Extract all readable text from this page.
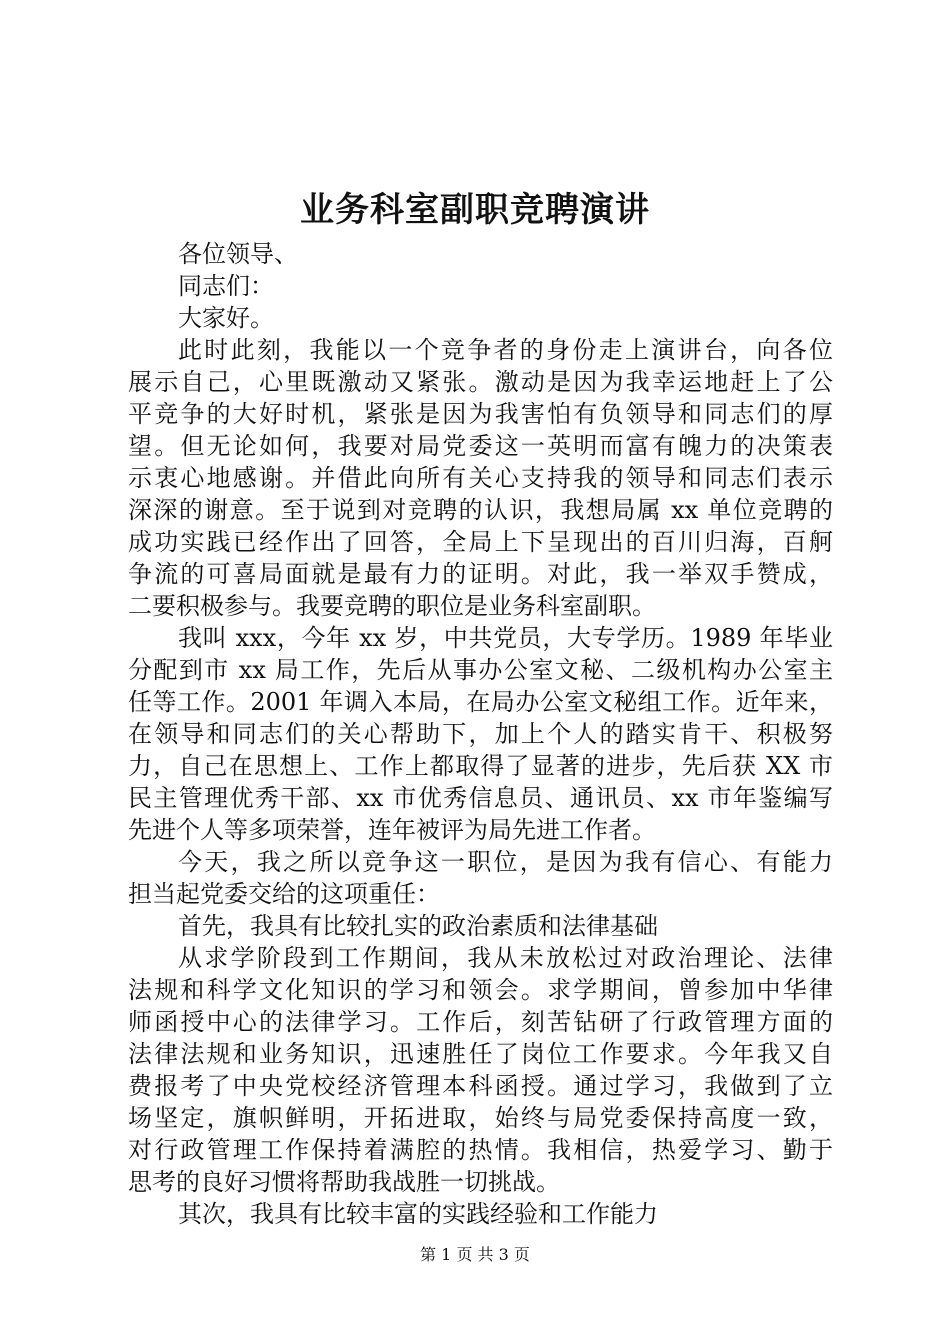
业务科室副职竞聘演讲
各位领导、
同志们：
大家好。
此时此刻，我能以一个竞争者的身份走上演讲台，向各位
展示自己，心里既激动又紧张。激动是因为我幸运地赶上了公
平竞争的大好时机，紧张是因为我害怕有负领导和同志们的厚
望。但无论如何，我要对局党委这一英明而富有魄力的决策表
示衷心地感谢。并借此向所有关心支持我的领导和同志们表示
深深的谢意。至于说到对竞聘的认识，我想局属 xx 单位竞聘的
成功实践已经作出了回答，全局上下呈现出的百川归海，百舸
争流的可喜局面就是最有力的证明。对此，我一举双手赞成，
二要积极参与。我要竞聘的职位是业务科室副职。
我叫 xxx，今年 xx 岁，中共党员，大专学历。1989 年毕业
分配到市 xx 局工作，先后从事办公室文秘、二级机构办公室主
任等工作。2001 年调入本局，在局办公室文秘组工作。近年来，
在领导和同志们的关心帮助下，加上个人的踏实肯干、积极努
力，自己在思想上、工作上都取得了显著的进步，先后获 XX 市
民主管理优秀干部、xx 市优秀信息员、通讯员、xx 市年鉴编写
先进个人等多项荣誉，连年被评为局先进工作者。
今天，我之所以竞争这一职位，是因为我有信心、有能力
担当起党委交给的这项重任：
首先，我具有比较扎实的政治素质和法律基础
从求学阶段到工作期间，我从未放松过对政治理论、法律
法规和科学文化知识的学习和领会。求学期间，曾参加中华律
师函授中心的法律学习。工作后，刻苦钻研了行政管理方面的
法律法规和业务知识，迅速胜任了岗位工作要求。今年我又自
费报考了中央党校经济管理本科函授。通过学习，我做到了立
场坚定，旗帜鲜明，开拓进取，始终与局党委保持高度一致，
对行政管理工作保持着满腔的热情。我相信，热爱学习、勤于
思考的良好习惯将帮助我战胜一切挑战。
其次，我具有比较丰富的实践经验和工作能力
第 1 页 共 3 页
